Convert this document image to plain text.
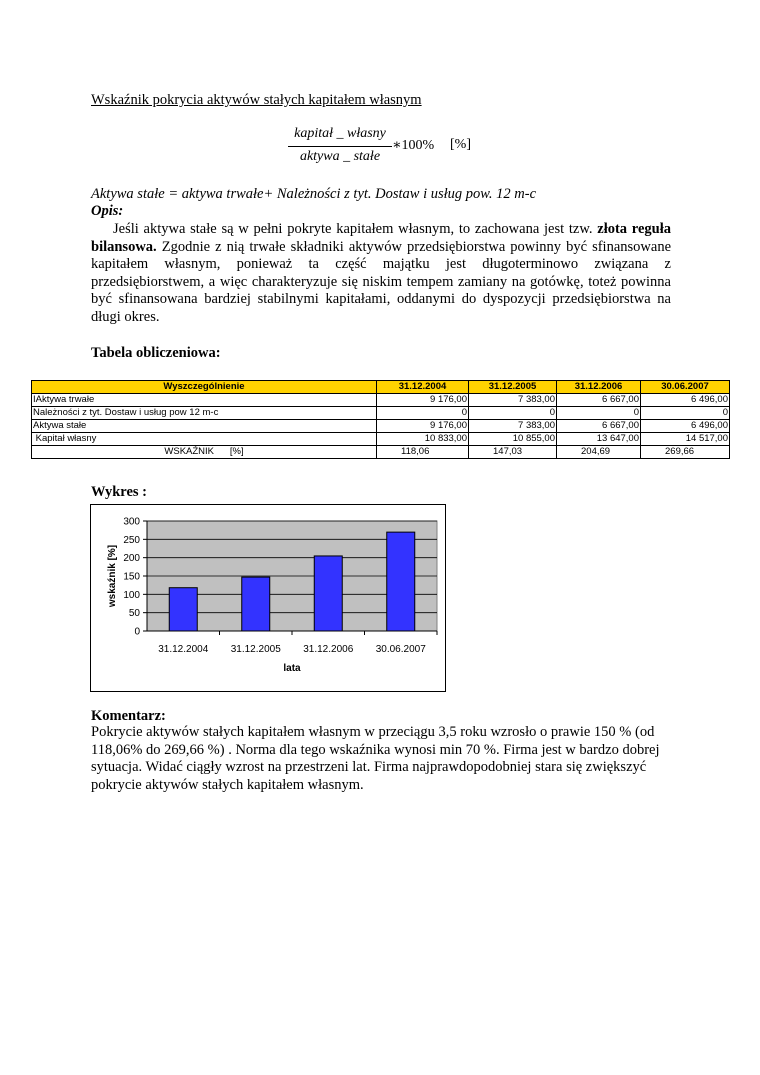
Wskaźnik pokrycia aktywów stałych kapitałem własnym
kapitał _ własny
aktywa _ stałe
∗100% [%]
Aktywa stałe = aktywa trwałe+ Należności z tyt. Dostaw i usług pow. 12 m-c
Opis:
Jeśli aktywa stałe są w pełni pokryte kapitałem własnym, to zachowana jest tzw. złota reguła bilansowa. Zgodnie z nią trwałe składniki aktywów przedsiębiorstwa powinny być sfinansowane kapitałem własnym, ponieważ ta część majątku jest długoterminowo związana z przedsiębiorstwem, a więc charakteryzuje się niskim tempem zamiany na gotówkę, toteż powinna być sfinansowana bardziej stabilnymi kapitałami, oddanymi do dyspozycji przedsiębiorstwa na długi okres.
Tabela obliczeniowa:
Wyszczególnienie	31.12.2004	31.12.2005	31.12.2006	30.06.2007
IAktywa trwałe	9 176,00	7 383,00	6 667,00	6 496,00
Należności z tyt. Dostaw i usług pow 12 m-c	0	0	0	0
Aktywa stałe	9 176,00	7 383,00	6 667,00	6 496,00
Kapitał własny	10 833,00	10 855,00	13 647,00	14 517,00
WSKAŹNIK      [%]	118,06	147,03	204,69	269,66
Wykres :
0
50
100
150
200
250
300
31.12.2004 31.12.2005 31.12.2006 30.06.2007
lata
wskaźnik [%]
Komentarz:
Pokrycie aktywów stałych kapitałem własnym w przeciągu 3,5 roku wzrosło o prawie 150 % (od 118,06% do 269,66 %) . Norma dla tego wskaźnika wynosi min 70 %. Firma jest w bardzo dobrej sytuacja. Widać ciągły wzrost na przestrzeni lat. Firma najprawdopodobniej stara się zwiększyć pokrycie aktywów stałych kapitałem własnym.
